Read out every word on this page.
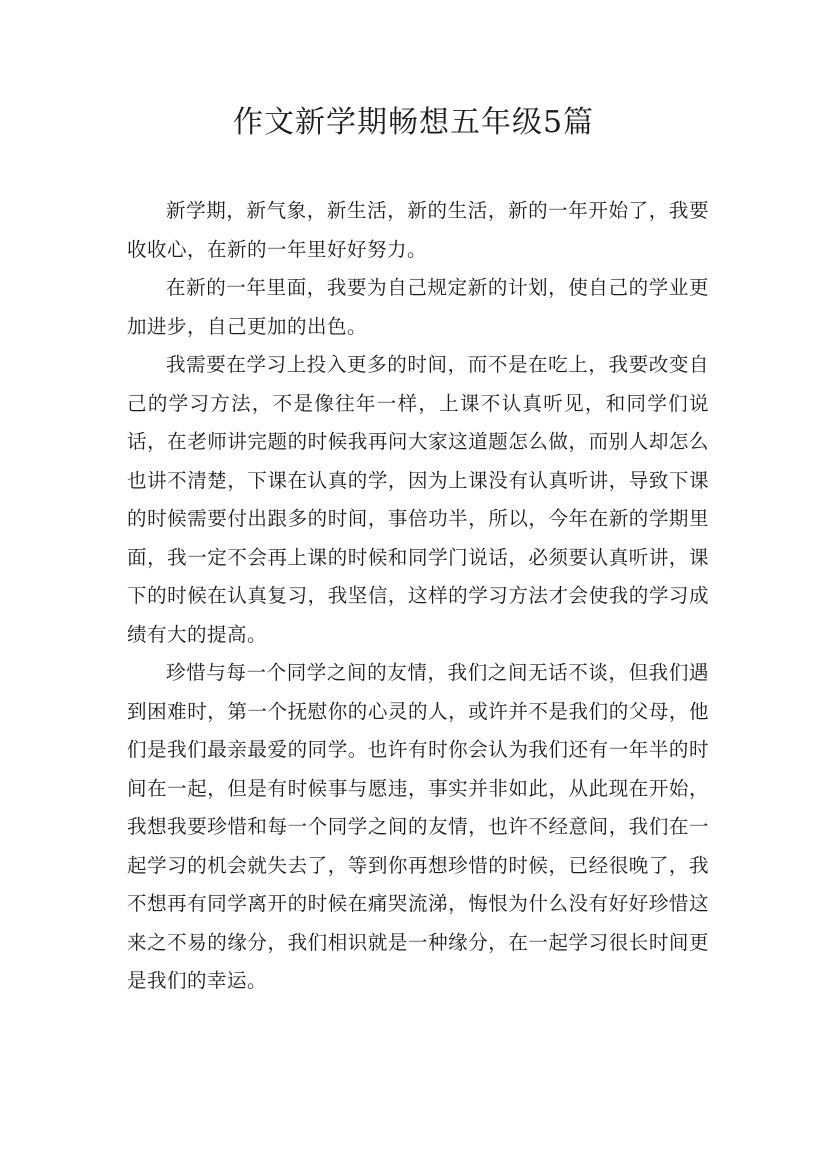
作文新学期畅想五年级5篇

新学期，新气象，新生活，新的生活，新的一年开始了，我要收收心，在新的一年里好好努力。

在新的一年里面，我要为自己规定新的计划，使自己的学业更加进步，自己更加的出色。

我需要在学习上投入更多的时间，而不是在吃上，我要改变自己的学习方法，不是像往年一样，上课不认真听见，和同学们说话，在老师讲完题的时候我再问大家这道题怎么做，而别人却怎么也讲不清楚，下课在认真的学，因为上课没有认真听讲，导致下课的时候需要付出跟多的时间，事倍功半，所以，今年在新的学期里面，我一定不会再上课的时候和同学门说话，必须要认真听讲，课下的时候在认真复习，我坚信，这样的学习方法才会使我的学习成绩有大的提高。

珍惜与每一个同学之间的友情，我们之间无话不谈，但我们遇到困难时，第一个抚慰你的心灵的人，或许并不是我们的父母，他们是我们最亲最爱的同学。也许有时你会认为我们还有一年半的时间在一起，但是有时候事与愿违，事实并非如此，从此现在开始，我想我要珍惜和每一个同学之间的友情，也许不经意间，我们在一起学习的机会就失去了，等到你再想珍惜的时候，已经很晚了，我不想再有同学离开的时候在痛哭流涕，悔恨为什么没有好好珍惜这来之不易的缘分，我们相识就是一种缘分，在一起学习很长时间更是我们的幸运。
